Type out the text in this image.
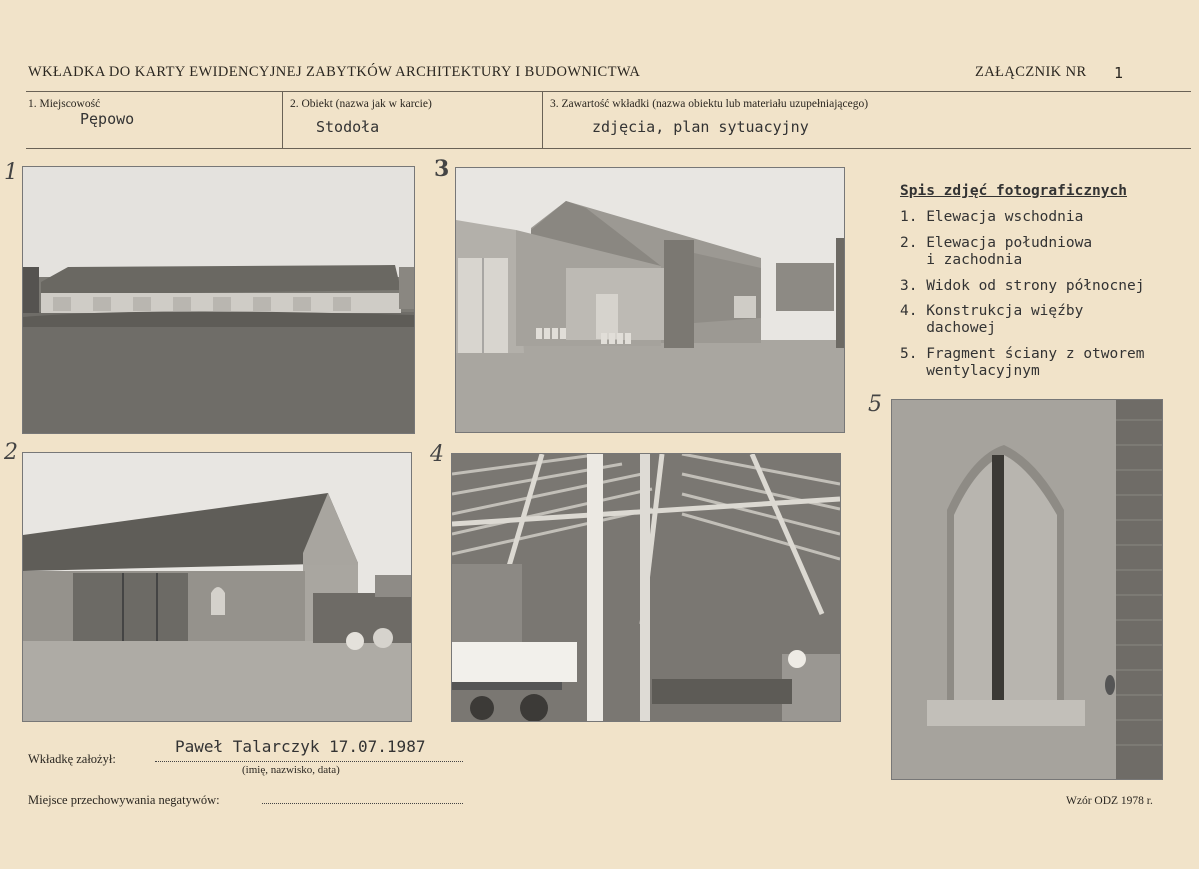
WKŁADKA DO KARTY EWIDENCYJNEJ ZABYTKÓW ARCHITEKTURY I BUDOWNICTWA	ZAŁĄCZNIK NR 1
1. Miejscowość
Pępowo
2. Obiekt (nazwa jak w karcie)
Stodoła
3. Zawartość wkładki (nazwa obiektu lub materiału uzupełniającego)
zdjęcia, plan sytuacyjny
1	3
2	4
5
Spis zdjęć fotograficznych
1. Elewacja wschodnia
2. Elewacja południowa
i zachodnia
3. Widok od strony północnej
4. Konstrukcja więźby
dachowej
5. Fragment ściany z otworem
wentylacyjnym
Wkładkę założył:
Paweł Talarczyk 17.07.1987
(imię, nazwisko, data)
Miejsce przechowywania negatywów:	Wzór ODZ 1978 r.
